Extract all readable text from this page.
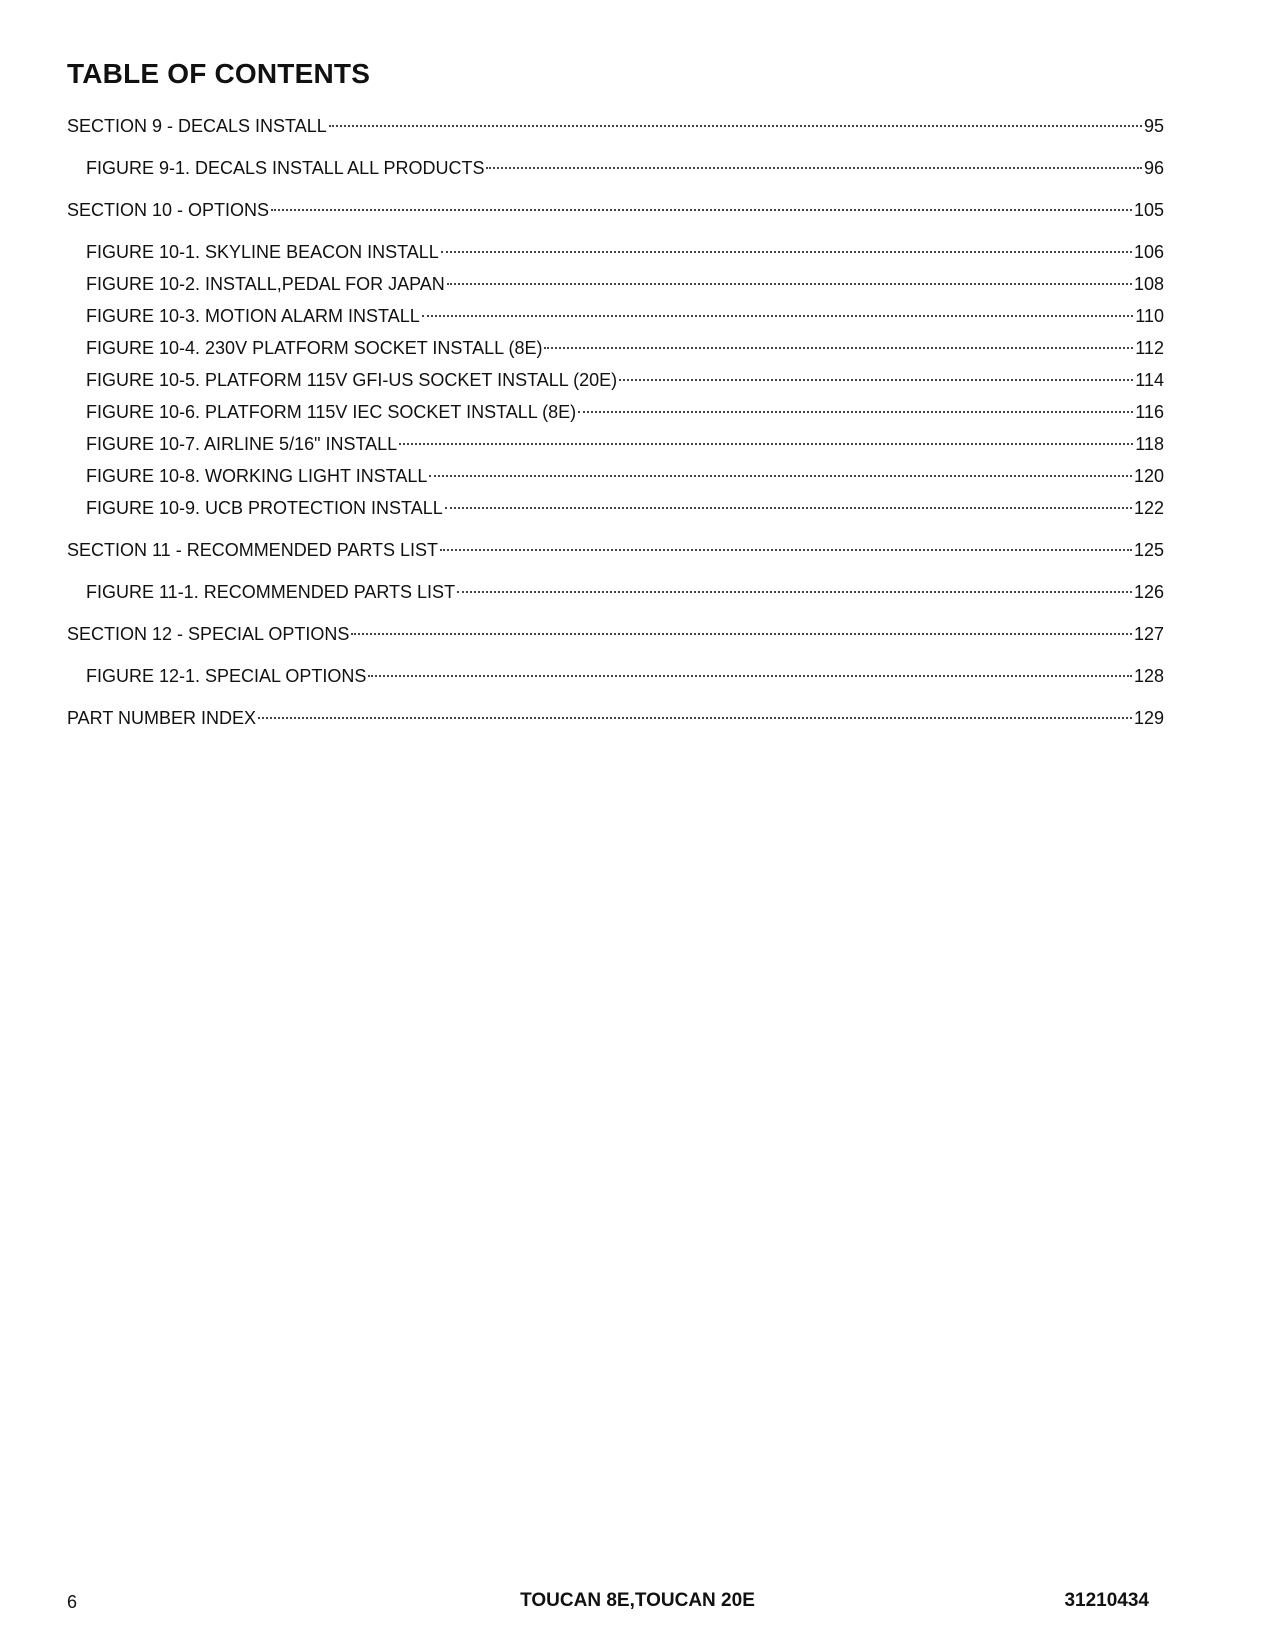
TABLE OF CONTENTS
SECTION 9 - DECALS INSTALL	95
FIGURE 9-1. DECALS INSTALL ALL PRODUCTS	96
SECTION 10 - OPTIONS	105
FIGURE 10-1. SKYLINE BEACON INSTALL	106
FIGURE 10-2. INSTALL,PEDAL FOR JAPAN	108
FIGURE 10-3. MOTION ALARM INSTALL	110
FIGURE 10-4. 230V PLATFORM SOCKET INSTALL (8E)	112
FIGURE 10-5. PLATFORM 115V GFI-US SOCKET INSTALL (20E)	114
FIGURE 10-6. PLATFORM 115V IEC SOCKET INSTALL (8E)	116
FIGURE 10-7. AIRLINE 5/16" INSTALL	118
FIGURE 10-8. WORKING LIGHT INSTALL	120
FIGURE 10-9. UCB PROTECTION INSTALL	122
SECTION 11 - RECOMMENDED PARTS LIST	125
FIGURE 11-1. RECOMMENDED PARTS LIST	126
SECTION 12 - SPECIAL OPTIONS	127
FIGURE 12-1. SPECIAL OPTIONS	128
PART NUMBER INDEX	129
6	TOUCAN 8E,TOUCAN 20E	31210434
